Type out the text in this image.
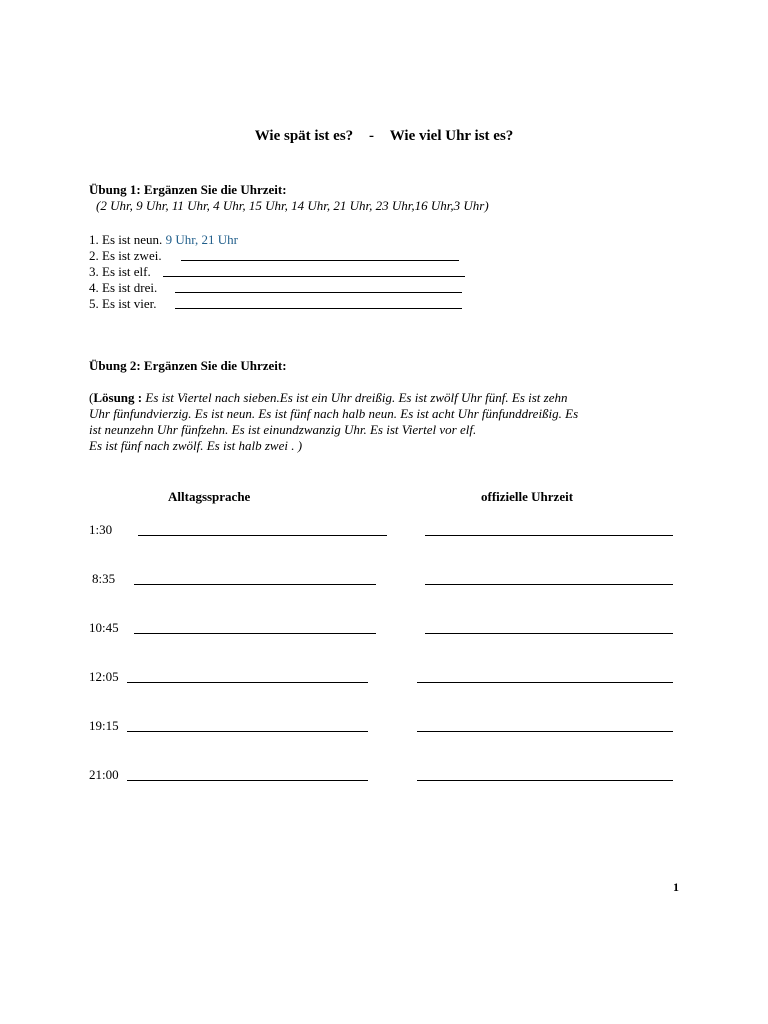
Wie spät ist es? - Wie viel Uhr ist es?
Übung 1: Ergänzen Sie die Uhrzeit:
(2 Uhr, 9 Uhr, 11 Uhr, 4 Uhr, 15 Uhr, 14 Uhr, 21 Uhr, 23 Uhr,16 Uhr,3 Uhr)
1. Es ist neun. 9 Uhr, 21 Uhr
2. Es ist zwei.
3. Es ist elf.
4. Es ist drei.
5. Es ist vier.
Übung 2: Ergänzen Sie die Uhrzeit:
(Lösung : Es ist Viertel nach sieben.Es ist ein Uhr dreißig. Es ist zwölf Uhr fünf. Es ist zehn
Uhr fünfundvierzig. Es ist neun. Es ist fünf nach halb neun. Es ist acht Uhr fünfunddreißig. Es
ist neunzehn Uhr fünfzehn. Es ist einundzwanzig Uhr. Es ist Viertel vor elf.
Es ist fünf nach zwölf. Es ist halb zwei . )
Alltagssprache	offizielle Uhrzeit
1:30
8:35
10:45
12:05
19:15
21:00
1
